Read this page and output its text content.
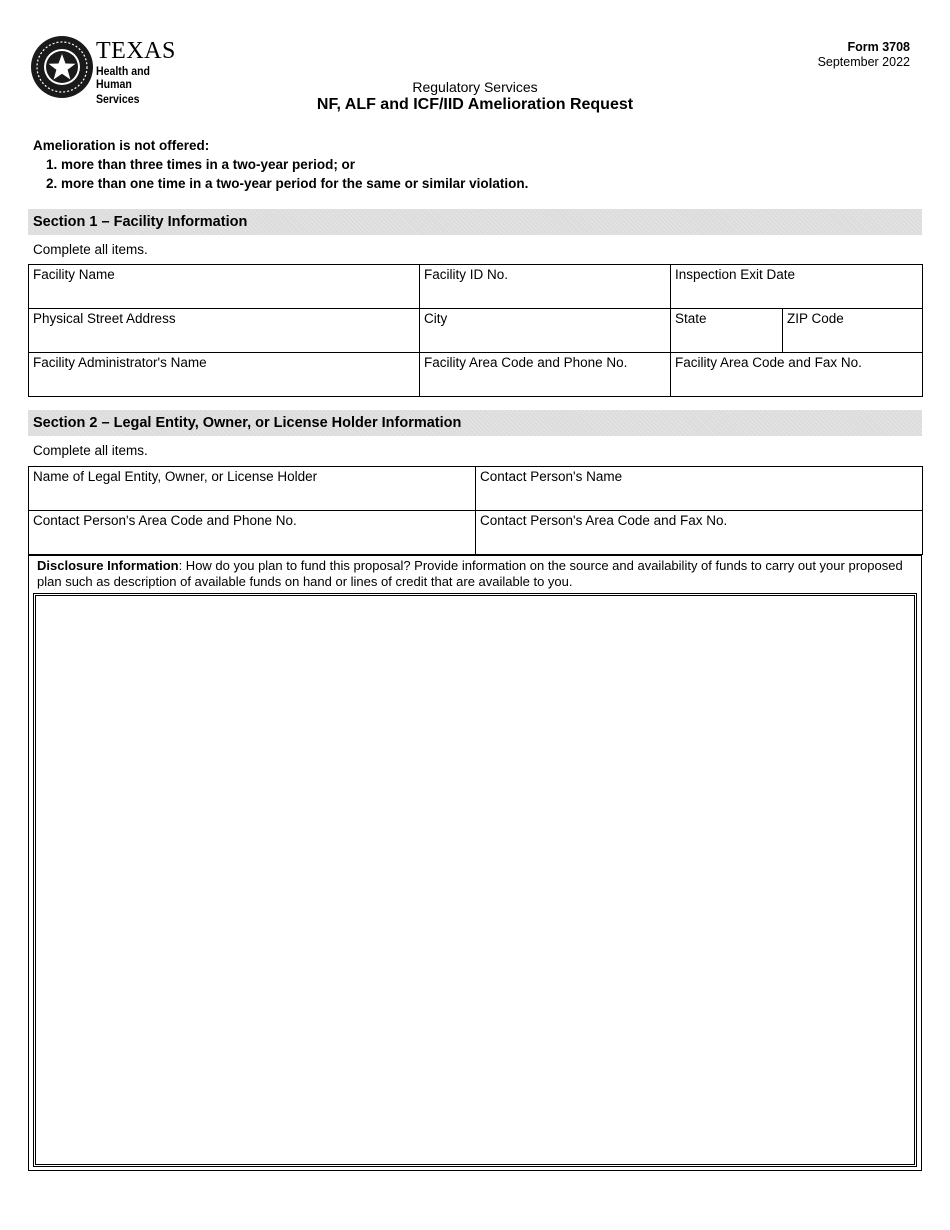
TEXAS
Health and Human
Services
Form 3708
September 2022
Regulatory Services
NF, ALF and ICF/IID Amelioration Request
Amelioration is not offered:
1. more than three times in a two-year period; or
2. more than one time in a two-year period for the same or similar violation.
Section 1 – Facility Information
Complete all items.
Facility Name	Facility ID No.	Inspection Exit Date	
Physical Street Address	City	State	ZIP Code
Facility Administrator's Name	Facility Area Code and Phone No.	Facility Area Code and Fax No.	
Section 2 – Legal Entity, Owner, or License Holder Information
Complete all items.
Name of Legal Entity, Owner, or License Holder	Contact Person's Name
Contact Person's Area Code and Phone No.	Contact Person's Area Code and Fax No.
Disclosure Information: How do you plan to fund this proposal? Provide information on the source and availability of funds to carry out your proposed plan such as description of available funds on hand or lines of credit that are available to you.
